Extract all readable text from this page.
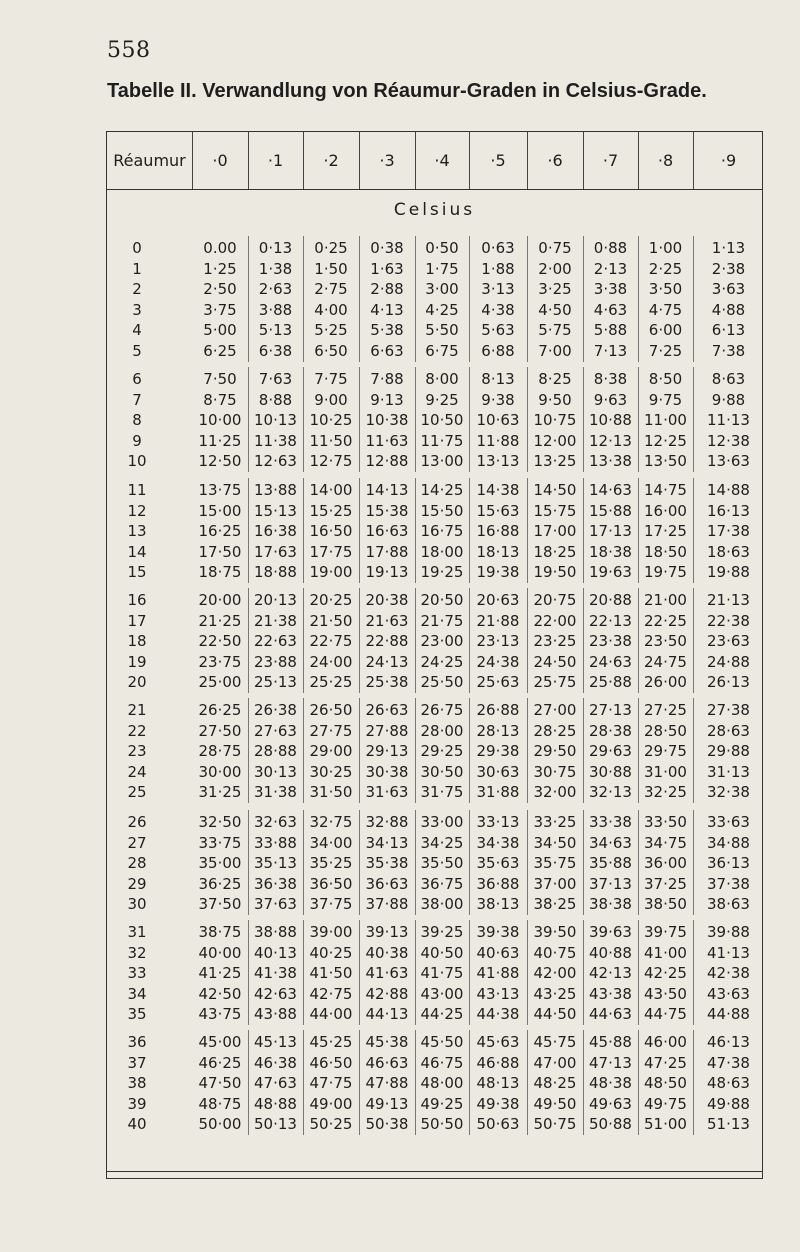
558
Tabelle II. Verwandlung von Réaumur-Graden in Celsius-Grade.
Réaumur	·0	·1	·2	·3	·4	·5	·6	·7	·8	·9
Celsius
0	0.00	0·13	0·25	0·38	0·50	0·63	0·75	0·88	1·00	1·13
1	1·25	1·38	1·50	1·63	1·75	1·88	2·00	2·13	2·25	2·38
2	2·50	2·63	2·75	2·88	3·00	3·13	3·25	3·38	3·50	3·63
3	3·75	3·88	4·00	4·13	4·25	4·38	4·50	4·63	4·75	4·88
4	5·00	5·13	5·25	5·38	5·50	5·63	5·75	5·88	6·00	6·13
5	6·25	6·38	6·50	6·63	6·75	6·88	7·00	7·13	7·25	7·38
6	7·50	7·63	7·75	7·88	8·00	8·13	8·25	8·38	8·50	8·63
7	8·75	8·88	9·00	9·13	9·25	9·38	9·50	9·63	9·75	9·88
8	10·00 10·13 10·25 10·38 10·50 10·63 10·75 10·88 11·00	11·13
9	11·25 11·38 11·50 11·63 11·75 11·88 12·00 12·13 12·25	12·38
10	12·50 12·63 12·75 12·88 13·00 13·13 13·25 13·38 13·50	13·63
11	13·75 13·88 14·00 14·13 14·25 14·38 14·50 14·63 14·75	14·88
12	15·00 15·13 15·25 15·38 15·50 15·63 15·75 15·88 16·00	16·13
13	16·25 16·38 16·50 16·63 16·75 16·88 17·00 17·13 17·25	17·38
14	17·50 17·63 17·75 17·88 18·00 18·13 18·25 18·38 18·50	18·63
15	18·75 18·88 19·00 19·13 19·25 19·38 19·50 19·63 19·75	19·88
16	20·00 20·13 20·25 20·38 20·50 20·63 20·75 20·88 21·00	21·13
17	21·25 21·38 21·50 21·63 21·75 21·88 22·00 22·13 22·25	22·38
18	22·50 22·63 22·75 22·88 23·00 23·13 23·25 23·38 23·50	23·63
19	23·75 23·88 24·00 24·13 24·25 24·38 24·50 24·63 24·75	24·88
20	25·00 25·13 25·25 25·38 25·50 25·63 25·75 25·88 26·00	26·13
21	26·25 26·38 26·50 26·63 26·75 26·88 27·00 27·13 27·25	27·38
22	27·50 27·63 27·75 27·88 28·00 28·13 28·25 28·38 28·50	28·63
23	28·75 28·88 29·00 29·13 29·25 29·38 29·50 29·63 29·75	29·88
24	30·00 30·13 30·25 30·38 30·50 30·63 30·75 30·88 31·00	31·13
25	31·25 31·38 31·50 31·63 31·75 31·88 32·00 32·13 32·25	32·38
26	32·50 32·63 32·75 32·88 33·00 33·13 33·25 33·38 33·50	33·63
27	33·75 33·88 34·00 34·13 34·25 34·38 34·50 34·63 34·75	34·88
28	35·00 35·13 35·25 35·38 35·50 35·63 35·75 35·88 36·00	36·13
29	36·25 36·38 36·50 36·63 36·75 36·88 37·00 37·13 37·25	37·38
30	37·50 37·63 37·75 37·88 38·00 38·13 38·25 38·38 38·50	38·63
31	38·75 38·88 39·00 39·13 39·25 39·38 39·50 39·63 39·75	39·88
32	40·00 40·13 40·25 40·38 40·50 40·63 40·75 40·88 41·00	41·13
33	41·25 41·38 41·50 41·63 41·75 41·88 42·00 42·13 42·25	42·38
34	42·50 42·63 42·75 42·88 43·00 43·13 43·25 43·38 43·50	43·63
35	43·75 43·88 44·00 44·13 44·25 44·38 44·50 44·63 44·75	44·88
36	45·00 45·13 45·25 45·38 45·50 45·63 45·75 45·88 46·00	46·13
37	46·25 46·38 46·50 46·63 46·75 46·88 47·00 47·13 47·25	47·38
38	47·50 47·63 47·75 47·88 48·00 48·13 48·25 48·38 48·50	48·63
39	48·75 48·88 49·00 49·13 49·25 49·38 49·50 49·63 49·75	49·88
40	50·00 50·13 50·25 50·38 50·50 50·63 50·75 50·88 51·00	51·13
